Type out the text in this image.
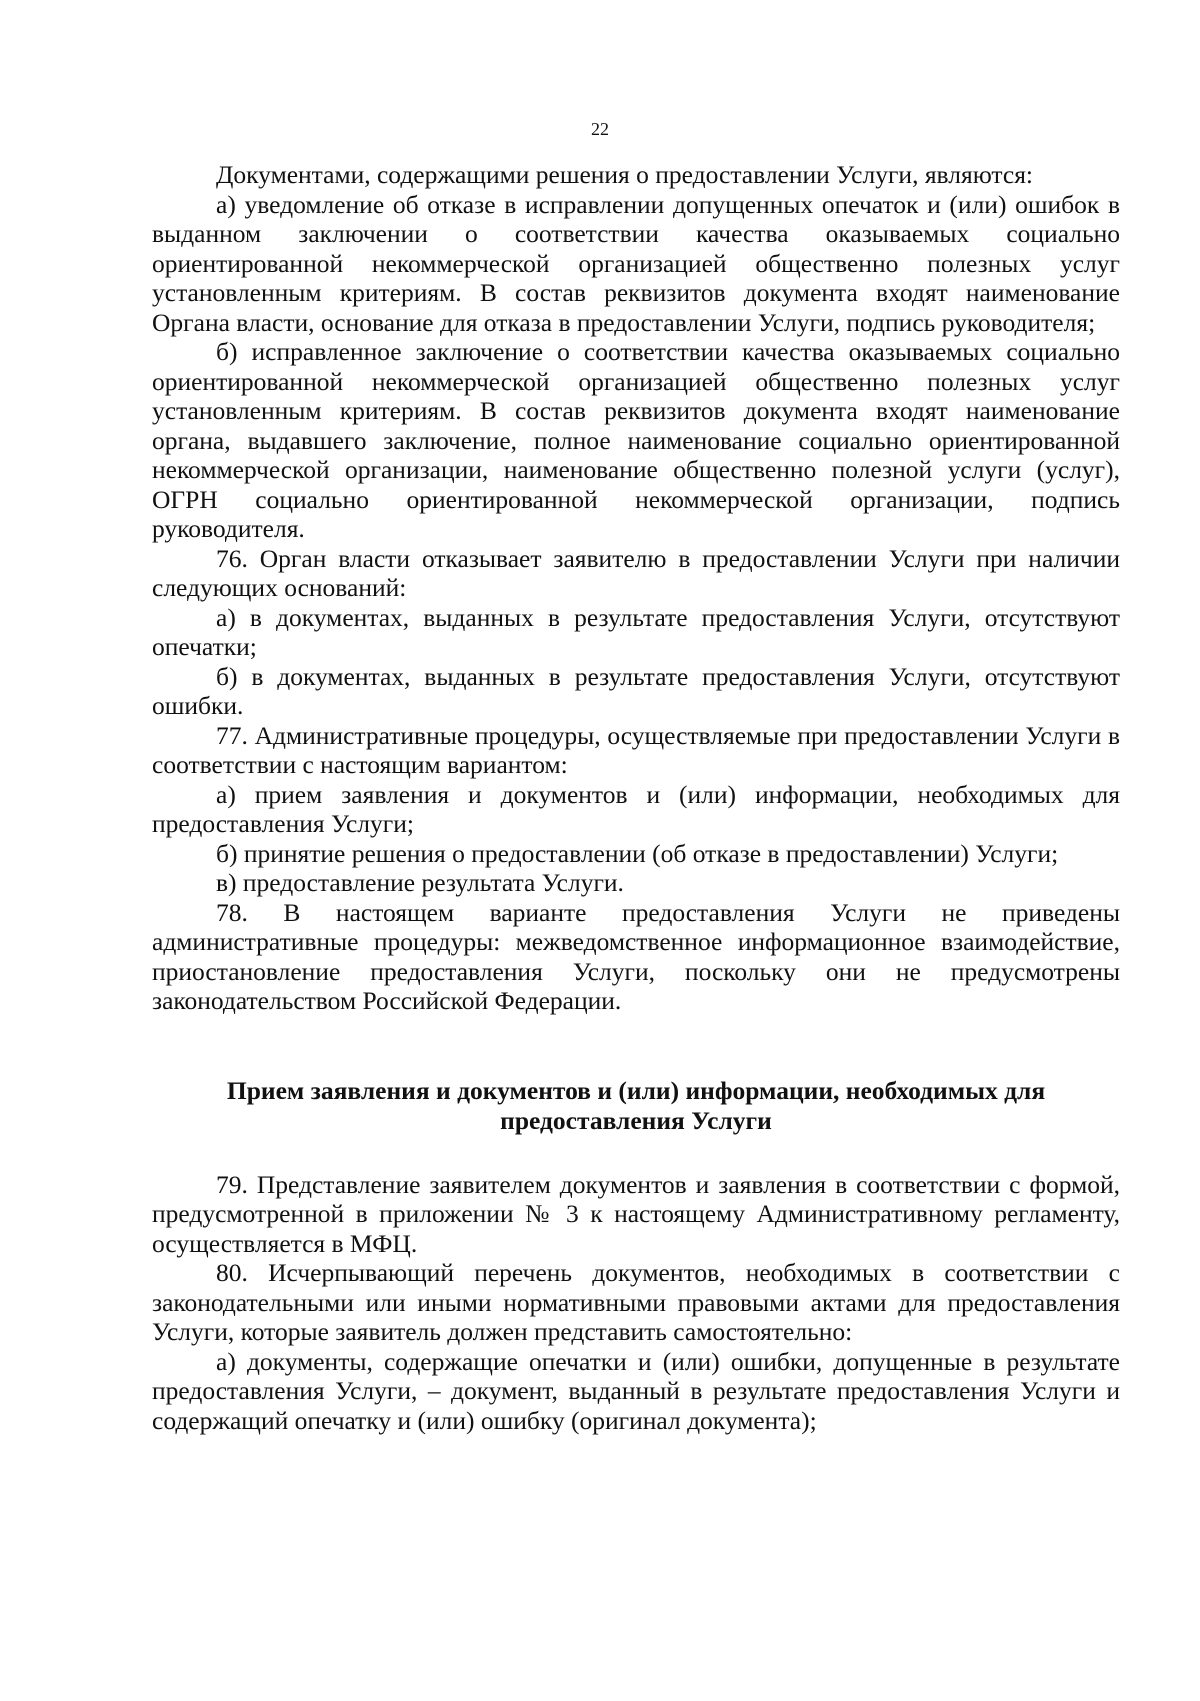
22

Документами, содержащими решения о предоставлении Услуги, являются:

а) уведомление об отказе в исправлении допущенных опечаток и (или) ошибок в выданном заключении о соответствии качества оказываемых социально ориентированной некоммерческой организацией общественно полезных услуг установленным критериям. В состав реквизитов документа входят наименование Органа власти, основание для отказа в предоставлении Услуги, подпись руководителя;

б) исправленное заключение о соответствии качества оказываемых социально ориентированной некоммерческой организацией общественно полезных услуг установленным критериям. В состав реквизитов документа входят наименование органа, выдавшего заключение, полное наименование социально ориентированной некоммерческой организации, наименование общественно полезной услуги (услуг), ОГРН социально ориентированной некоммерческой организации, подпись руководителя.

76. Орган власти отказывает заявителю в предоставлении Услуги при наличии следующих оснований:

а) в документах, выданных в результате предоставления Услуги, отсутствуют опечатки;

б) в документах, выданных в результате предоставления Услуги, отсутствуют ошибки.

77. Административные процедуры, осуществляемые при предоставлении Услуги в соответствии с настоящим вариантом:

а) прием заявления и документов и (или) информации, необходимых для предоставления Услуги;

б) принятие решения о предоставлении (об отказе в предоставлении) Услуги;

в) предоставление результата Услуги.

78. В настоящем варианте предоставления Услуги не приведены административные процедуры: межведомственное информационное взаимодействие, приостановление предоставления Услуги, поскольку они не предусмотрены законодательством Российской Федерации.

Прием заявления и документов и (или) информации, необходимых для предоставления Услуги

79. Представление заявителем документов и заявления в соответствии с формой, предусмотренной в приложении № 3 к настоящему Административному регламенту, осуществляется в МФЦ.

80. Исчерпывающий перечень документов, необходимых в соответствии с законодательными или иными нормативными правовыми актами для предоставления Услуги, которые заявитель должен представить самостоятельно:

а) документы, содержащие опечатки и (или) ошибки, допущенные в результате предоставления Услуги, – документ, выданный в результате предоставления Услуги и содержащий опечатку и (или) ошибку (оригинал документа);
